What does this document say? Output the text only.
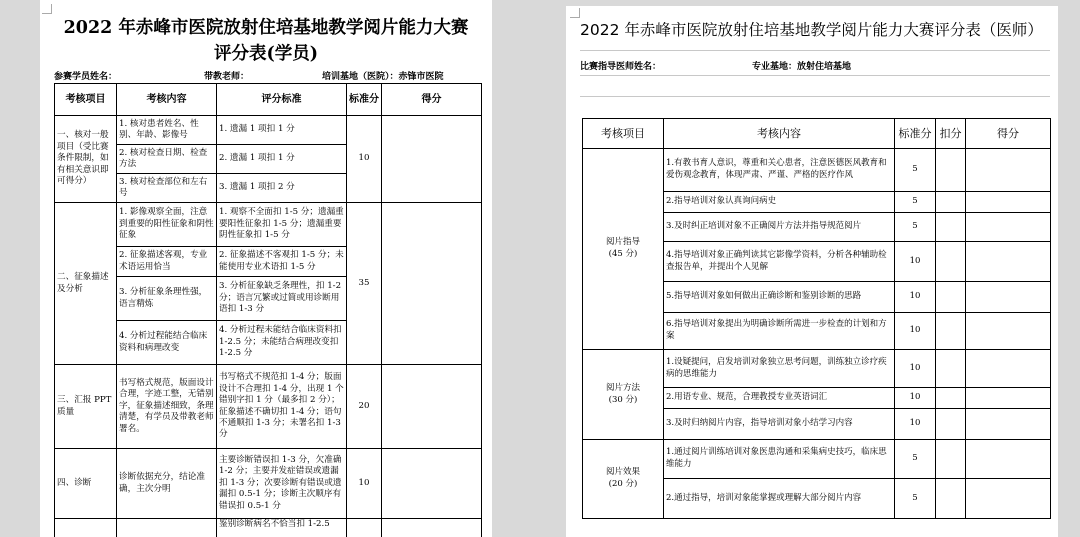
2022 年赤峰市医院放射住培基地教学阅片能力大赛
评分表(学员)
参赛学员姓名：	带教老师：	培训基地（医院）：赤锋市医院
考核项目	考核内容	评分标准	标准分	得分
一、核对一般项目（受比赛条件限制，如有相关意识即可得分）	1. 核对患者姓名、性别、年龄、影像号	1. 遗漏 1 项扣 1 分	10	
	2. 核对检查日期、检查方法	2. 遗漏 1 项扣 1 分		
	3. 核对检查部位和左右号	3. 遗漏 1 项扣 2 分		
二、征象描述及分析	1. 影像观察全面，注意到重要的阳性征象和阴性征象	1. 观察不全面扣 1-5 分；遗漏重要阳性征象扣 1-5 分；遗漏重要阴性征象扣 1-5 分	35	
	2. 征象描述客观，专业术语运用恰当	2. 征象描述不客观扣 1-5 分；未能使用专业术语扣 1-5 分		
	3. 分析征象条理性强，语言精炼	3. 分析征象缺乏条理性，扣 1-2 分；语言冗繁或过简或用诊断用语扣 1-3 分		
	4. 分析过程能结合临床资料和病理改变	4. 分析过程未能结合临床资料扣 1-2.5 分；未能结合病理改变扣 1-2.5 分		
三、汇报 PPT 质量	书写格式规范，版面设计合理，字迹工整，无错别字，征象描述细致，条理清楚，有学员及带教老师署名。	书写格式不规范扣 1-4 分；版面设计不合理扣 1-4 分，出现 1 个错别字扣 1 分（最多扣 2 分）；征象描述不确切扣 1-4 分；语句不通顺扣 1-3 分；未署名扣 1-3 分	20	
四、诊断	诊断依据充分，结论准确，主次分明	主要诊断错误扣 1-3 分，欠准确 1-2 分；主要并发症错误或遗漏扣 1-3 分；次要诊断有错误或遗漏扣 0.5-1 分；诊断主次顺序有错误扣 0.5-1 分	10	
		鉴别诊断病名不恰当扣 1-2.5		
2022 年赤峰市医院放射住培基地教学阅片能力大赛评分表（医师）
比赛指导医师姓名：	专业基地：放射住培基地
考核项目	考核内容	标准分	扣分	得分
阅片指导
(45 分)	1.有教书育人意识，尊重和关心患者，注意医德医风教育和爱伤观念教育，体现严肃、严谨、严格的医疗作风	5		
	2.指导培训对象认真询问病史	5		
	3.及时纠正培训对象不正确阅片方法并指导规范阅片	5		
	4.指导培训对象正确判读其它影像学资料，分析各种辅助检查报告单，并提出个人见解	10		
	5.指导培训对象如何做出正确诊断和鉴别诊断的思路	10		
	6.指导培训对象提出为明确诊断所需进一步检查的计划和方案	10		
阅片方法
(30 分)	1.设疑提问，启发培训对象独立思考问题，训练独立诊疗疾病的思维能力	10		
	2.用语专业、规范，合理教授专业英语词汇	10		
	3.及时归纳阅片内容，指导培训对象小结学习内容	10		
阅片效果
(20 分)	1.通过阅片训练培训对象医患沟通和采集病史技巧，临床思维能力	5		
	2.通过指导，培训对象能掌握或理解大部分阅片内容	5		
